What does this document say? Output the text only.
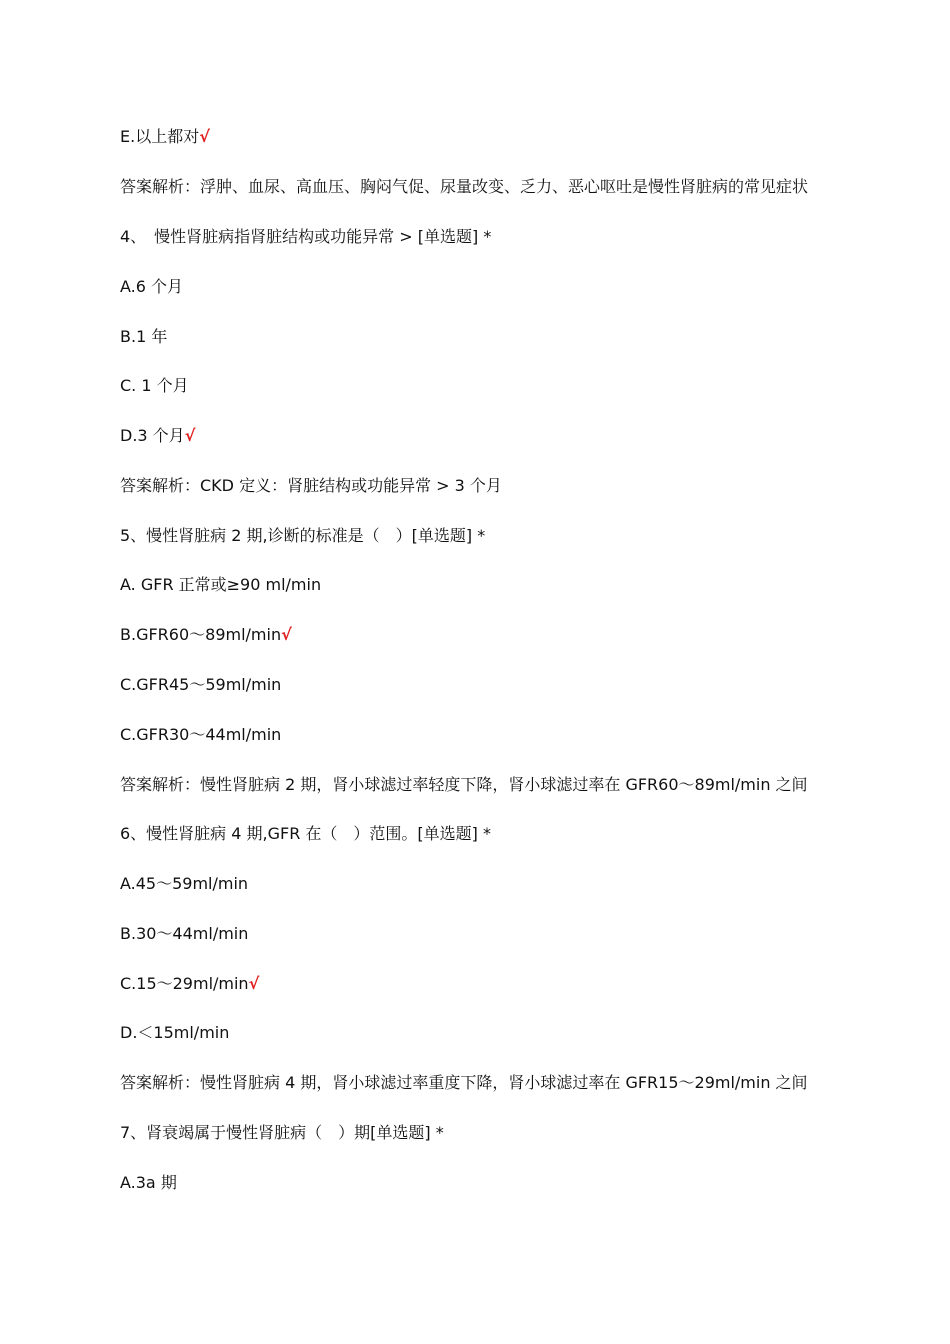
E.以上都对√
答案解析：浮肿、血尿、高血压、胸闷气促、尿量改变、乏力、恶心呕吐是慢性肾脏病的常见症状
4、　慢性肾脏病指肾脏结构或功能异常 > [单选题] *
A.6 个月
B.1 年
C. 1 个月
D.3 个月√
答案解析：CKD 定义：肾脏结构或功能异常 > 3 个月
5、慢性肾脏病 2 期,诊断的标准是（　）[单选题] *
A. GFR 正常或≥90 ml/min
B.GFR60～89ml/min√
C.GFR45～59ml/min
C.GFR30～44ml/min
答案解析：慢性肾脏病 2 期，肾小球滤过率轻度下降，肾小球滤过率在 GFR60～89ml/min 之间
6、慢性肾脏病 4 期,GFR 在（　）范围。[单选题] *
A.45～59ml/min
B.30～44ml/min
C.15～29ml/min√
D.＜15ml/min
答案解析：慢性肾脏病 4 期，肾小球滤过率重度下降，肾小球滤过率在 GFR15～29ml/min 之间
7、肾衰竭属于慢性肾脏病（　）期[单选题] *
A.3a 期
